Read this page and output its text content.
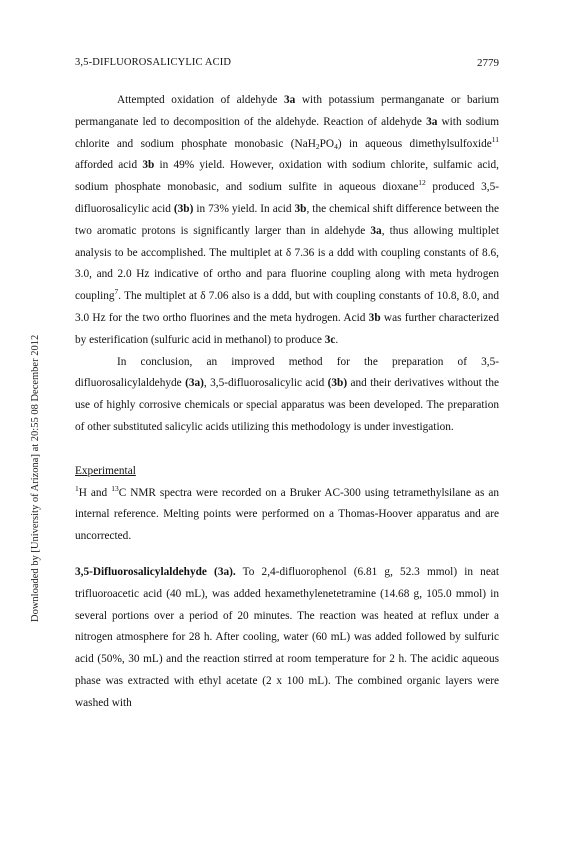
3,5-DIFLUOROSALICYLIC ACID	2779
Downloaded by [University of Arizona] at 20:55 08 December 2012

Attempted oxidation of aldehyde 3a with potassium permanganate or barium permanganate led to decomposition of the aldehyde. Reaction of aldehyde 3a with sodium chlorite and sodium phosphate monobasic $(NaH_2PO_4)$ in aqueous dimethylsulfoxide$^{11}$ afforded acid 3b in 49% yield. However, oxidation with sodium chlorite, sulfamic acid, sodium phosphate monobasic, and sodium sulfite in aqueous dioxane$^{12}$ produced 3,5-difluorosalicylic acid (3b) in 73% yield. In acid 3b, the chemical shift difference between the two aromatic protons is significantly larger than in aldehyde 3a, thus allowing multiplet analysis to be accomplished. The multiplet at δ 7.36 is a ddd with coupling constants of 8.6, 3.0, and 2.0 Hz indicative of ortho and para fluorine coupling along with meta hydrogen coupling$^7$. The multiplet at δ 7.06 also is a ddd, but with coupling constants of 10.8, 8.0, and 3.0 Hz for the two ortho fluorines and the meta hydrogen. Acid 3b was further characterized by esterification (sulfuric acid in methanol) to produce 3c.

In conclusion, an improved method for the preparation of 3,5-difluorosalicylaldehyde (3a), 3,5-difluorosalicylic acid (3b) and their derivatives without the use of highly corrosive chemicals or special apparatus was been developed. The preparation of other substituted salicylic acids utilizing this methodology is under investigation.

Experimental

$^1$H and $^{13}$C NMR spectra were recorded on a Bruker AC-300 using tetramethylsilane as an internal reference. Melting points were performed on a Thomas-Hoover apparatus and are uncorrected.

3,5-Difluorosalicylaldehyde (3a). To 2,4-difluorophenol (6.81 g, 52.3 mmol) in neat trifluoroacetic acid (40 mL), was added hexamethylenetetramine (14.68 g, 105.0 mmol) in several portions over a period of 20 minutes. The reaction was heated at reflux under a nitrogen atmosphere for 28 h. After cooling, water (60 mL) was added followed by sulfuric acid (50%, 30 mL) and the reaction stirred at room temperature for 2 h. The acidic aqueous phase was extracted with ethyl acetate (2 x 100 mL). The combined organic layers were washed with
